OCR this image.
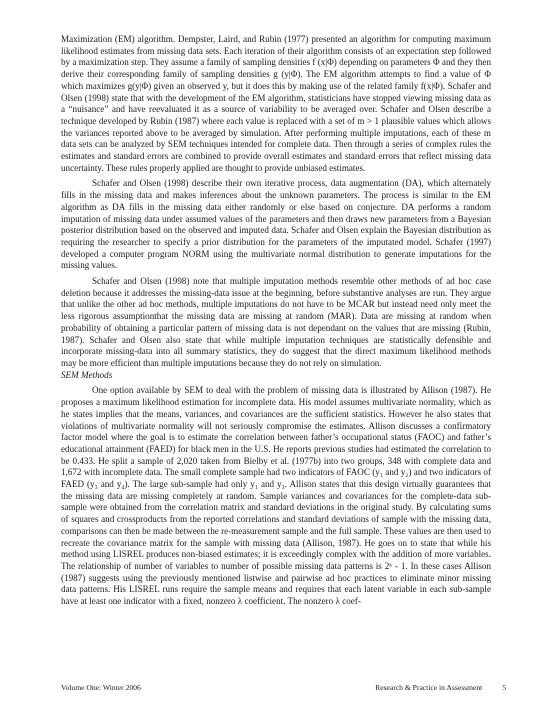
Maximization (EM) algorithm. Dempster, Laird, and Rubin (1977) presented an algorithm for computing maximum likelihood estimates from missing data sets. Each iteration of their algorithm consists of an expectation step followed by a maximization step. They assume a family of sampling densities f (x|Φ) depending on parameters Φ and they then derive their corresponding family of sampling densities g (y|Φ). The EM algorithm attempts to find a value of Φ which maximizes g(y|Φ) given an observed y, but it does this by making use of the related family f(x|Φ). Schafer and Olsen (1998) state that with the development of the EM algorithm, statisticians have stopped viewing missing data as a “nuisance” and have reevaluated it as a source of variability to be averaged over. Schafer and Olsen describe a technique developed by Rubin (1987) where each value is replaced with a set of m > 1 plausible values which allows the variances reported above to be averaged by simulation. After performing multiple imputations, each of these m data sets can be analyzed by SEM techniques intended for complete data. Then through a series of complex rules the estimates and standard errors are combined to provide overall estimates and standard errors that reflect missing data uncertainty. These rules properly applied are thought to provide unbiased estimates.

Schafer and Olsen (1998) describe their own iterative process, data augmentation (DA), which alternately fills in the missing data and makes inferences about the unknown parameters. The process is similar to the EM algorithm as DA fills in the missing data either randomly or else based on conjecture. DA performs a random imputation of missing data under assumed values of the parameters and then draws new parameters from a Bayesian posterior distribution based on the observed and imputed data. Schafer and Olsen explain the Bayesian distribution as requiring the researcher to specify a prior distribution for the parameters of the imputated model. Schafer (1997) developed a computer program NORM using the multivariate normal distribution to generate imputations for the missing values.

Schafer and Olsen (1998) note that multiple imputation methods resemble other methods of ad hoc case deletion because it addresses the missing-data issue at the beginning, before substantive analyses are run. They argue that unlike the other ad hoc methods, multiple imputations do not have to be MCAR but instead need only meet the less rigorous assumptionthat the missing data are missing at random (MAR). Data are missing at random when probability of obtaining a particular pattern of missing data is not dependant on the values that are missing (Rubin, 1987). Schafer and Olsen also state that while multiple imputation techniques are statistically defensible and incorporate missing-data into all summary statistics, they do suggest that the direct maximum likelihood methods may be more efficient than multiple imputations because they do not rely on simulation.

SEM Methods

One option available by SEM to deal with the problem of missing data is illustrated by Allison (1987). He proposes a maximum likelihood estimation for incomplete data. His model assumes multivariate normality, which as he states implies that the means, variances, and covariances are the sufficient statistics. However he also states that violations of multivariate normality will not seriously compromise the estimates. Allison discusses a confirmatory factor model where the goal is to estimate the correlation between father’s occupational status (FAOC) and father’s educational attainment (FAED) for black men in the U.S. He reports previous studies had estimated the correlation to be 0.433. He split a sample of 2,020 taken from Bielby et al. (1977b) into two groups, 348 with complete data and 1,672 with incomplete data. The small complete sample had two indicators of FAOC (y₁ and y₂) and two indicators of FAED (y₃ and y₄). The large sub-sample had only y₁ and y₃. Allison states that this design virtually guarantees that the missing data are missing completely at random. Sample variances and covariances for the complete-data sub-sample were obtained from the correlation matrix and standard deviations in the original study. By calculating sums of squares and crossproducts from the reported correlations and standard deviations of sample with the missing data, comparisons can then be made between the re-measurement sample and the full sample. These values are then used to recreate the covariance matrix for the sample with missing data (Allison, 1987). He goes on to state that while his method using LISREL produces non-biased estimates; it is exceedingly complex with the addition of more variables. The relationship of number of variables to number of possible missing data patterns is 2ᵏ - 1. In these cases Allison (1987) suggests using the previously mentioned listwise and pairwise ad hoc practices to eliminate minor missing data patterns. His LISREL runs require the sample means and requires that each latent variable in each sub-sample have at least one indicator with a fixed, nonzero λ coefficient. The nonzero λ coef-

Volume One: Winter 2006	Research & Practice in Assessment	5
